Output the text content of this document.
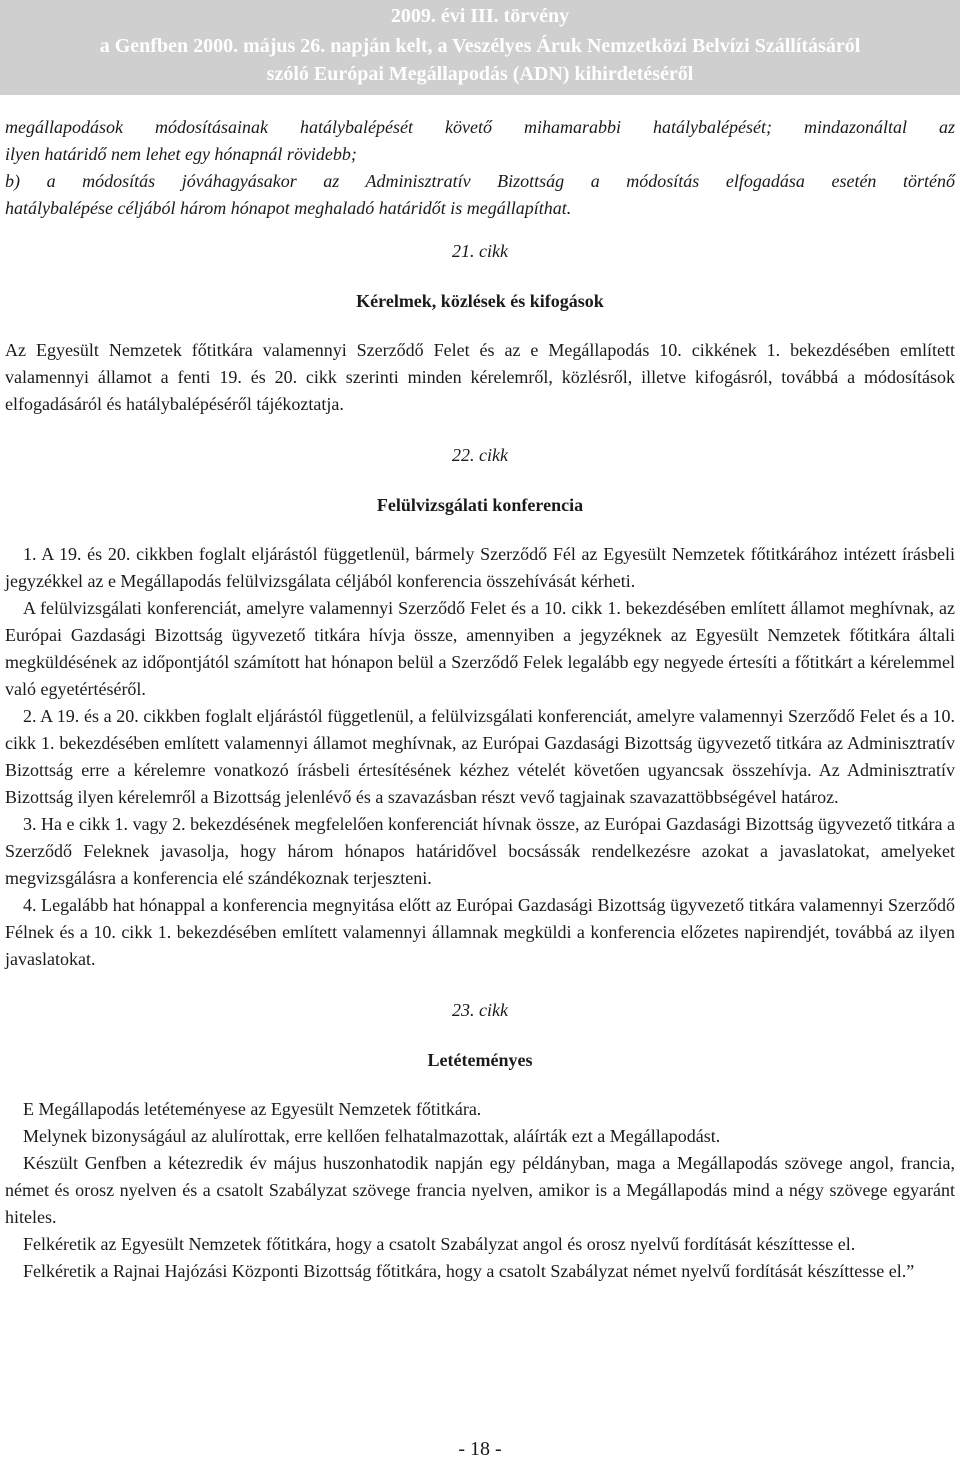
2009. évi III. törvény
a Genfben 2000. május 26. napján kelt, a Veszélyes Áruk Nemzetközi Belvízi Szállításáról
szóló Európai Megállapodás (ADN) kihirdetéséről
megállapodások módosításainak hatálybalépését követő mihamarabbi hatálybalépését; mindazonáltal az
ilyen határidő nem lehet egy hónapnál rövidebb;
b) a módosítás jóváhagyásakor az Adminisztratív Bizottság a módosítás elfogadása esetén történő
hatálybalépése céljából három hónapot meghaladó határidőt is megállapíthat.
21. cikk
Kérelmek, közlések és kifogások

Az Egyesült Nemzetek főtitkára valamennyi Szerződő Felet és az e Megállapodás 10. cikkének 1. bekezdésében említett valamennyi államot a fenti 19. és 20. cikk szerinti minden kérelemről, közlésről, illetve kifogásról, továbbá a módosítások elfogadásáról és hatálybalépéséről tájékoztatja.

22. cikk
Felülvizsgálati konferencia

1. A 19. és 20. cikkben foglalt eljárástól függetlenül, bármely Szerződő Fél az Egyesült Nemzetek főtitkárához intézett írásbeli jegyzékkel az e Megállapodás felülvizsgálata céljából konferencia összehívását kérheti.

A felülvizsgálati konferenciát, amelyre valamennyi Szerződő Felet és a 10. cikk 1. bekezdésében említett államot meghívnak, az Európai Gazdasági Bizottság ügyvezető titkára hívja össze, amennyiben a jegyzéknek az Egyesült Nemzetek főtitkára általi megküldésének az időpontjától számított hat hónapon belül a Szerződő Felek legalább egy negyede értesíti a főtitkárt a kérelemmel való egyetértéséről.

2. A 19. és a 20. cikkben foglalt eljárástól függetlenül, a felülvizsgálati konferenciát, amelyre valamennyi Szerződő Felet és a 10. cikk 1. bekezdésében említett valamennyi államot meghívnak, az Európai Gazdasági Bizottság ügyvezető titkára az Adminisztratív Bizottság erre a kérelemre vonatkozó írásbeli értesítésének kézhez vételét követően ugyancsak összehívja. Az Adminisztratív Bizottság ilyen kérelemről a Bizottság jelenlévő és a szavazásban részt vevő tagjainak szavazattöbbségével határoz.

3. Ha e cikk 1. vagy 2. bekezdésének megfelelően konferenciát hívnak össze, az Európai Gazdasági Bizottság ügyvezető titkára a Szerződő Feleknek javasolja, hogy három hónapos határidővel bocsássák rendelkezésre azokat a javaslatokat, amelyeket megvizsgálásra a konferencia elé szándékoznak terjeszteni.

4. Legalább hat hónappal a konferencia megnyitása előtt az Európai Gazdasági Bizottság ügyvezető titkára valamennyi Szerződő Félnek és a 10. cikk 1. bekezdésében említett valamennyi államnak megküldi a konferencia előzetes napirendjét, továbbá az ilyen javaslatokat.

23. cikk
Letéteményes

E Megállapodás letéteményese az Egyesült Nemzetek főtitkára.

Melynek bizonyságául az alulírottak, erre kellően felhatalmazottak, aláírták ezt a Megállapodást.

Készült Genfben a kétezredik év május huszonhatodik napján egy példányban, maga a Megállapodás szövege angol, francia, német és orosz nyelven és a csatolt Szabályzat szövege francia nyelven, amikor is a Megállapodás mind a négy szövege egyaránt hiteles.

Felkéretik az Egyesült Nemzetek főtitkára, hogy a csatolt Szabályzat angol és orosz nyelvű fordítását készíttesse el.

Felkéretik a Rajnai Hajózási Központi Bizottság főtitkára, hogy a csatolt Szabályzat német nyelvű fordítását készíttesse el.”

- 18 -
